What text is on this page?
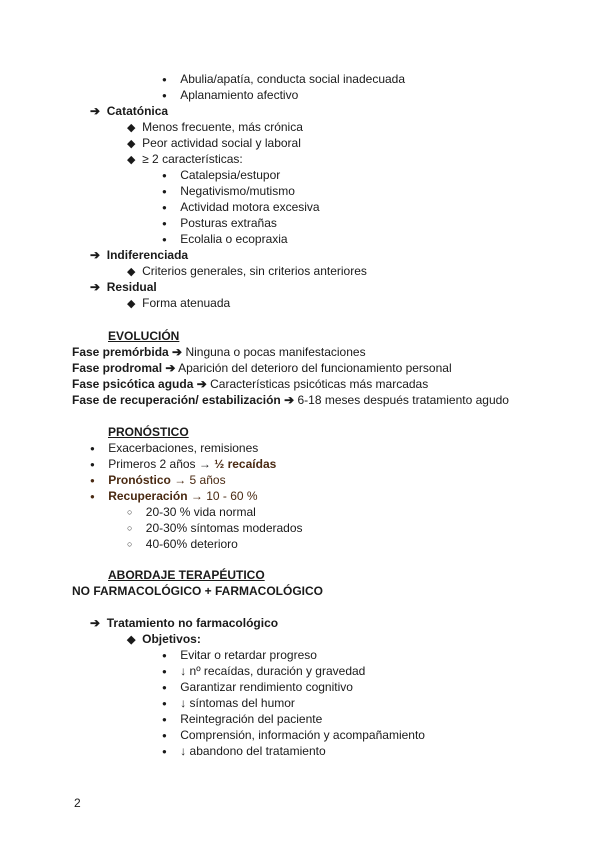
● Abulia/apatía, conducta social inadecuada
● Aplanamiento afectivo
➔ Catatónica
◆ Menos frecuente, más crónica
◆ Peor actividad social y laboral
◆ ≥ 2 características:
● Catalepsia/estupor
● Negativismo/mutismo
● Actividad motora excesiva
● Posturas extrañas
● Ecolalia o ecopraxia
➔ Indiferenciada
◆ Criterios generales, sin criterios anteriores
➔ Residual
◆ Forma atenuada
EVOLUCIÓN
Fase premórbida ➔ Ninguna o pocas manifestaciones
Fase prodromal ➔ Aparición del deterioro del funcionamiento personal
Fase psicótica aguda ➔ Características psicóticas más marcadas
Fase de recuperación/ estabilización ➔ 6-18 meses después tratamiento agudo
PRONÓSTICO
● Exacerbaciones, remisiones
● Primeros 2 años → ½ recaídas
● Pronóstico → 5 años
● Recuperación → 10 - 60 %
○ 20-30 % vida normal
○ 20-30% síntomas moderados
○ 40-60% deterioro
ABORDAJE TERAPÉUTICO
NO FARMACOLÓGICO + FARMACOLÓGICO
➔ Tratamiento no farmacológico
◆ Objetivos:
● Evitar o retardar progreso
● ↓ nº recaídas, duración y gravedad
● Garantizar rendimiento cognitivo
● ↓ síntomas del humor
● Reintegración del paciente
● Comprensión, información y acompañamiento
● ↓ abandono del tratamiento
2
